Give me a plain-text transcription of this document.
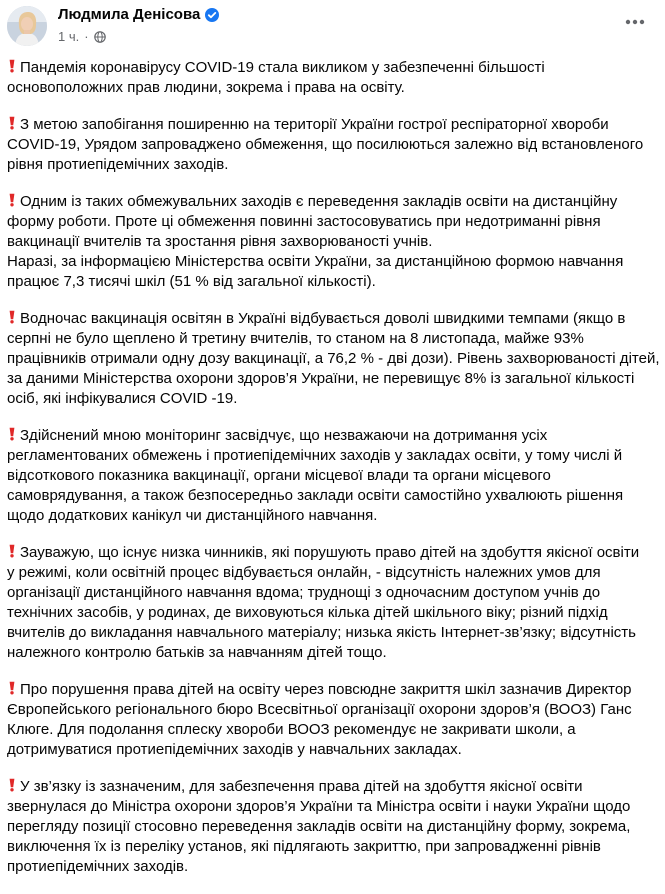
Людмила Денісова
1 ч. ·
Пандемія коронавірусу COVID-19 стала викликом у забезпеченні більшості
основоположних прав людини, зокрема і права на освіту.
З метою запобігання поширенню на території України гострої респіраторної хвороби
COVID-19, Урядом запроваджено обмеження, що посилюються залежно від встановленого
рівня протиепідемічних заходів.
Одним із таких обмежувальних заходів є переведення закладів освіти на дистанційну
форму роботи. Проте ці обмеження повинні застосовуватись при недотриманні рівня
вакцинації вчителів та зростання рівня захворюваності учнів.
Наразі, за інформацією Міністерства освіти України, за дистанційною формою навчання
працює 7,3 тисячі шкіл (51 % від загальної кількості).
Водночас вакцинація освітян в Україні відбувається доволі швидкими темпами (якщо в
серпні не було щеплено й третину вчителів, то станом на 8 листопада, майже 93%
працівників отримали одну дозу вакцинації, а 76,2 % - дві дози). Рівень захворюваності дітей,
за даними Міністерства охорони здоров’я України, не перевищує 8% із загальної кількості
осіб, які інфікувалися COVID -19.
Здійснений мною моніторинг засвідчує, що незважаючи на дотримання усіх
регламентованих обмежень і протиепідемічних заходів у закладах освіти, у тому числі й
відсоткового показника вакцинації, органи місцевої влади та органи місцевого
самоврядування, а також безпосередньо заклади освіти самостійно ухвалюють рішення
щодо додаткових канікул чи дистанційного навчання.
Зауважую, що існує низка чинників, які порушують право дітей на здобуття якісної освіти
у режимі, коли освітній процес відбувається онлайн, - відсутність належних умов для
організації дистанційного навчання вдома; труднощі з одночасним доступом учнів до
технічних засобів, у родинах, де виховуються кілька дітей шкільного віку; різний підхід
вчителів до викладання навчального матеріалу; низька якість Інтернет-зв’язку; відсутність
належного контролю батьків за навчанням дітей тощо.
Про порушення права дітей на освіту через повсюдне закриття шкіл зазначив Директор
Європейського регіонального бюро Всесвітньої організації охорони здоров’я (ВООЗ) Ганс
Клюге. Для подолання сплеску хвороби ВООЗ рекомендує не закривати школи, а
дотримуватися протиепідемічних заходів у навчальних закладах.
У зв’язку із зазначеним, для забезпечення права дітей на здобуття якісної освіти
звернулася до Міністра охорони здоров’я України та Міністра освіти і науки України щодо
перегляду позиції стосовно переведення закладів освіти на дистанційну форму, зокрема,
виключення їх із переліку установ, які підлягають закриттю, при запровадженні рівнів
протиепідемічних заходів.
